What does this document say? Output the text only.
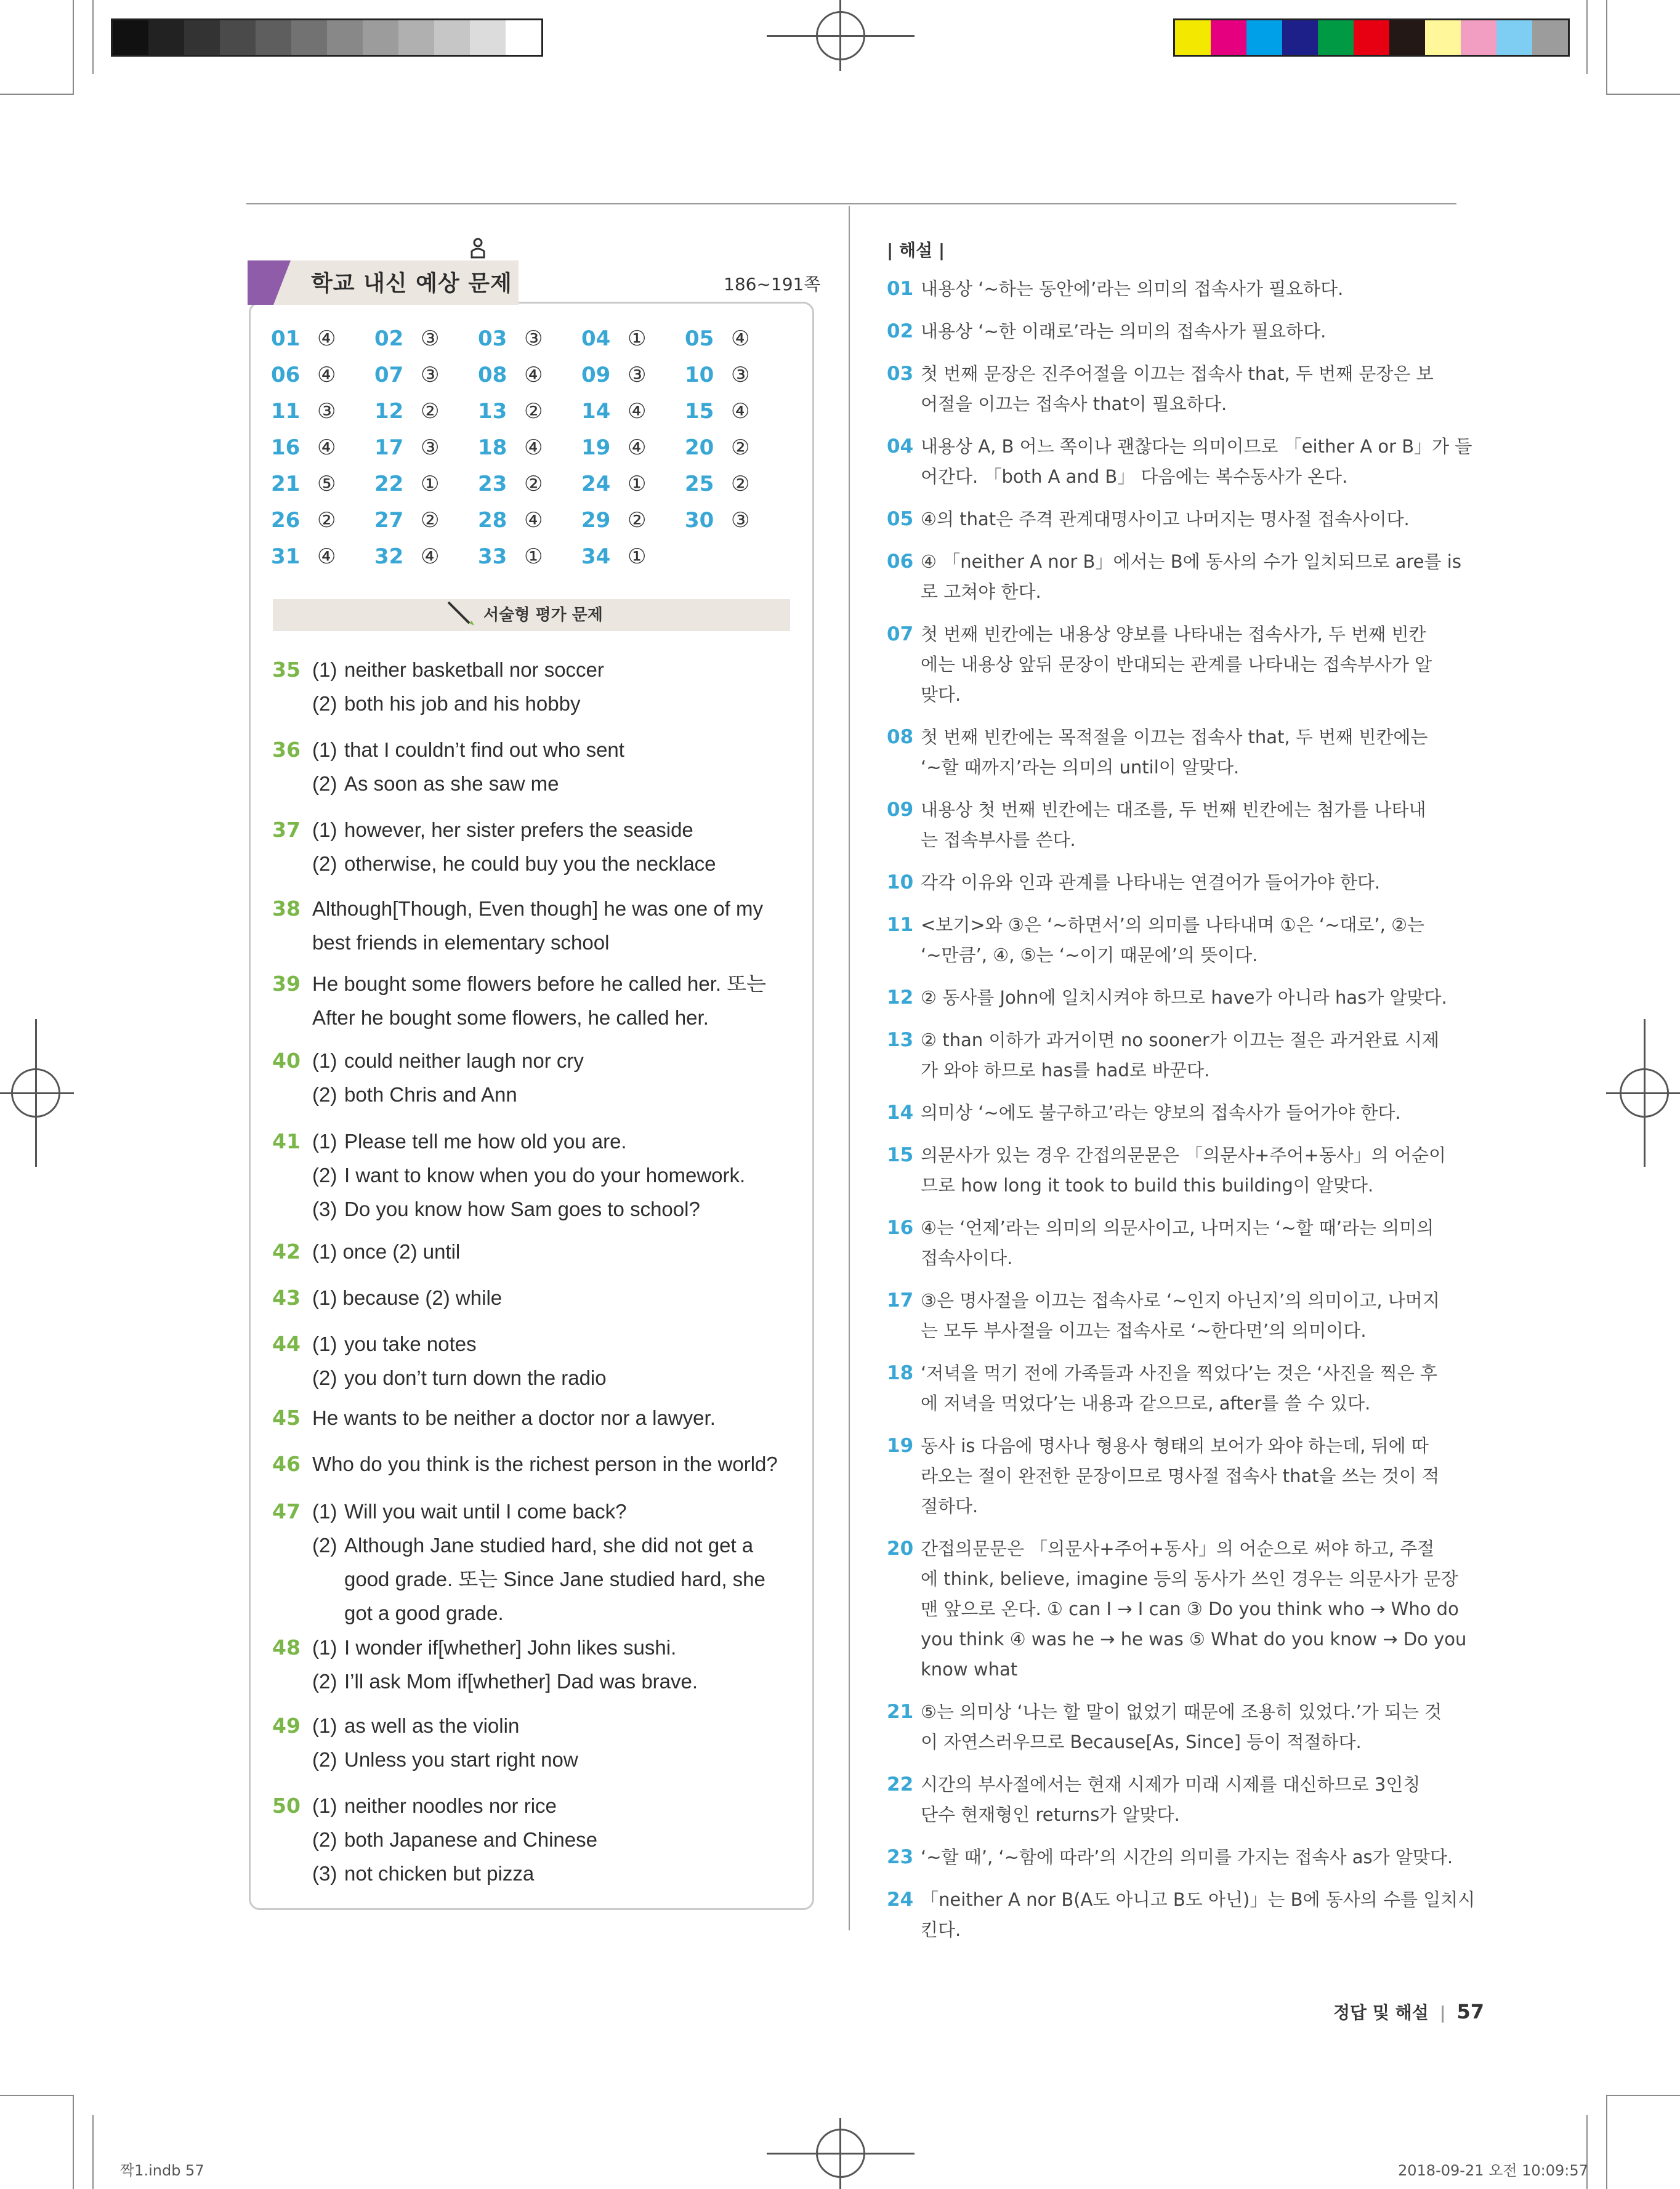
학교 내신 예상 문제	186~191쪽
01 ④ 02 ③ 03 ③ 04 ① 05 ④
06 ④ 07 ③ 08 ④ 09 ③ 10 ③
11 ③ 12 ② 13 ② 14 ④ 15 ④
16 ④ 17 ③ 18 ④ 19 ④ 20 ②
21 ⑤ 22 ① 23 ② 24 ① 25 ②
26 ② 27 ② 28 ④ 29 ② 30 ③
31 ④ 32 ④ 33 ① 34 ①
서술형 평가 문제
35 (1) neither basketball nor soccer
(2) both his job and his hobby
36 (1) that I couldn’t find out who sent
(2) As soon as she saw me
37 (1) however, her sister prefers the seaside
(2) otherwise, he could buy you the necklace
38 Although[Though, Even though] he was one of my
best friends in elementary school
39 He bought some flowers before he called her. 또는
After he bought some flowers, he called her.
40 (1) could neither laugh nor cry
(2) both Chris and Ann
41 (1) Please tell me how old you are.
(2) I want to know when you do your homework.
(3) Do you know how Sam goes to school?
42 (1) once (2) until
43 (1) because (2) while
44 (1) you take notes
(2) you don’t turn down the radio
45 He wants to be neither a doctor nor a lawyer.
46 Who do you think is the richest person in the world?
47 (1) Will you wait until I come back?
(2) Although Jane studied hard, she did not get a
good grade. 또는 Since Jane studied hard, she
got a good grade.
48 (1) I wonder if[whether] John likes sushi.
(2) I’ll ask Mom if[whether] Dad was brave.
49 (1) as well as the violin
(2) Unless you start right now
50 (1) neither noodles nor rice
(2) both Japanese and Chinese
(3) not chicken but pizza
| 해설 |
01 내용상 ‘~하는 동안에’라는 의미의 접속사가 필요하다.
02 내용상 ‘~한 이래로’라는 의미의 접속사가 필요하다.
03 첫 번째 문장은 진주어절을 이끄는 접속사 that, 두 번째 문장은 보
어절을 이끄는 접속사 that이 필요하다.
04 내용상 A, B 어느 쪽이나 괜찮다는 의미이므로 「either A or B」가 들
어간다. 「both A and B」 다음에는 복수동사가 온다.
05 ④의 that은 주격 관계대명사이고 나머지는 명사절 접속사이다.
06 ④ 「neither A nor B」에서는 B에 동사의 수가 일치되므로 are를 is
로 고쳐야 한다.
07 첫 번째 빈칸에는 내용상 양보를 나타내는 접속사가, 두 번째 빈칸
에는 내용상 앞뒤 문장이 반대되는 관계를 나타내는 접속부사가 알
맞다.
08 첫 번째 빈칸에는 목적절을 이끄는 접속사 that, 두 번째 빈칸에는
‘~할 때까지’라는 의미의 until이 알맞다.
09 내용상 첫 번째 빈칸에는 대조를, 두 번째 빈칸에는 첨가를 나타내
는 접속부사를 쓴다.
10 각각 이유와 인과 관계를 나타내는 연결어가 들어가야 한다.
11 <보기>와 ③은 ‘~하면서’의 의미를 나타내며 ①은 ‘~대로’, ②는
‘~만큼’, ④, ⑤는 ‘~이기 때문에’의 뜻이다.
12 ② 동사를 John에 일치시켜야 하므로 have가 아니라 has가 알맞다.
13 ② than 이하가 과거이면 no sooner가 이끄는 절은 과거완료 시제
가 와야 하므로 has를 had로 바꾼다.
14 의미상 ‘~에도 불구하고’라는 양보의 접속사가 들어가야 한다.
15 의문사가 있는 경우 간접의문문은 「의문사+주어+동사」의 어순이
므로 how long it took to build this building이 알맞다.
16 ④는 ‘언제’라는 의미의 의문사이고, 나머지는 ‘~할 때’라는 의미의
접속사이다.
17 ③은 명사절을 이끄는 접속사로 ‘~인지 아닌지’의 의미이고, 나머지
는 모두 부사절을 이끄는 접속사로 ‘~한다면’의 의미이다.
18 ‘저녁을 먹기 전에 가족들과 사진을 찍었다’는 것은 ‘사진을 찍은 후
에 저녁을 먹었다’는 내용과 같으므로, after를 쓸 수 있다.
19 동사 is 다음에 명사나 형용사 형태의 보어가 와야 하는데, 뒤에 따
라오는 절이 완전한 문장이므로 명사절 접속사 that을 쓰는 것이 적
절하다.
20 간접의문문은 「의문사+주어+동사」의 어순으로 써야 하고, 주절
에 think, believe, imagine 등의 동사가 쓰인 경우는 의문사가 문장
맨 앞으로 온다. ① can I → I can ③ Do you think who → Who do
you think ④ was he → he was ⑤ What do you know → Do you
know what
21 ⑤는 의미상 ‘나는 할 말이 없었기 때문에 조용히 있었다.’가 되는 것
이 자연스러우므로 Because[As, Since] 등이 적절하다.
22 시간의 부사절에서는 현재 시제가 미래 시제를 대신하므로 3인칭
단수 현재형인 returns가 알맞다.
23 ‘~할 때’, ‘~함에 따라’의 시간의 의미를 가지는 접속사 as가 알맞다.
24 「neither A nor B(A도 아니고 B도 아닌)」는 B에 동사의 수를 일치시
킨다.
정답 및 해설 | 57
짝1.indb 57	2018-09-21 오전 10:09:57
